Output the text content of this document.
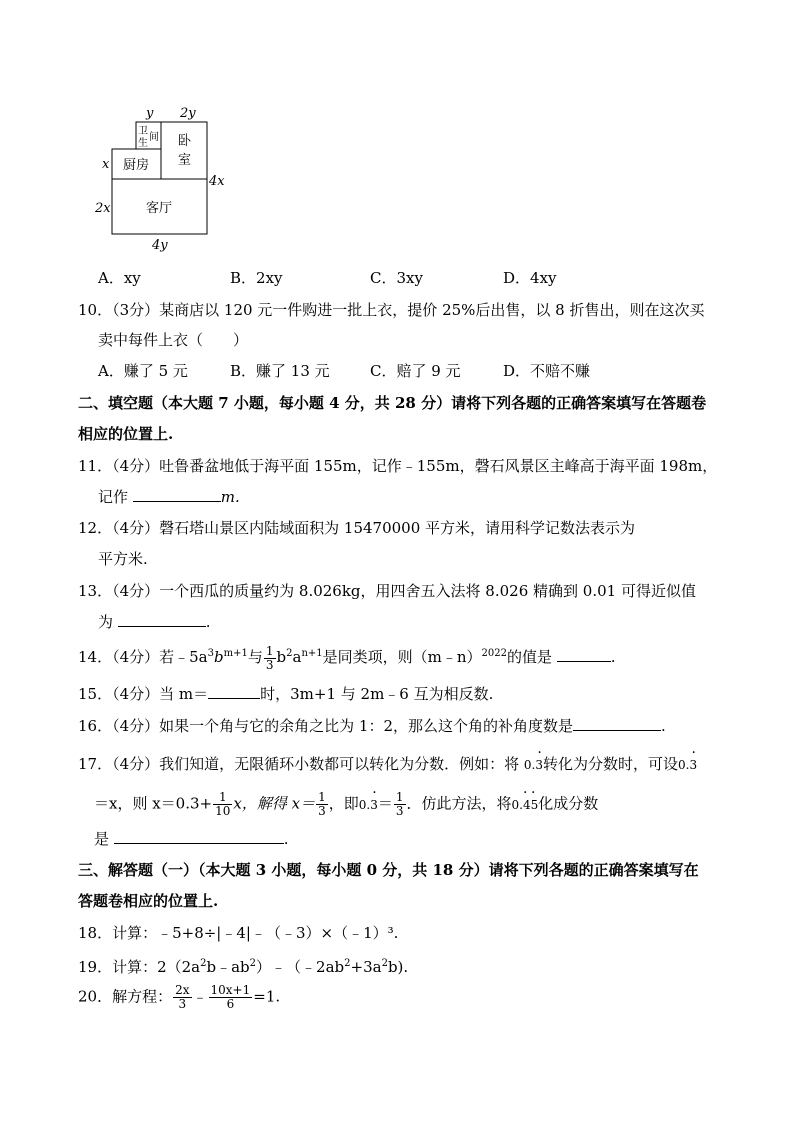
y 2y
x
2x
4x
4y
卫
生
间 卧
室
厨房
客厅
A．xy	B．2xy	C．3xy	D．4xy
10．（3分）某商店以 120 元一件购进一批上衣，提价 25%后出售，以 8 折售出，则在这次买
卖中每件上衣（　　）
A．赚了 5 元	B．赚了 13 元	C．赔了 9 元	D．不赔不赚
二、填空题（本大题 7 小题，每小题 4 分，共 28 分）请将下列各题的正确答案填写在答题卷
相应的位置上.
11．（4分）吐鲁番盆地低于海平面 155m，记作﹣155m，磬石风景区主峰高于海平面 198m，
记作	m.
12．（4分）磬石塔山景区内陆域面积为 15470000 平方米，请用科学记数法表示为
平方米.
13．（4分）一个西瓜的质量约为 8.026kg，用四舍五入法将 8.026 精确到 0.01 可得近似值
为	.
14．（4分）若$﹣5a^3b^{m+1}$与 $\frac{1}{3} b^2a^{n+1}$是同类项，则（m﹣n）$^{2022}$的值是	.
15．（4分）当 m＝	时，3m+1 与 2m﹣6 互为相反数.
16．（4分）如果一个角与它的余角之比为 1：2，那么这个角的补角度数是	.
17．（4分）我们知道，无限循环小数都可以转化为分数．例如：将 0.
·
3转化为分数时，可设0.
·
3
＝x，则 $x=0.3+ \frac{1}{10}$ x，解得 $x= \frac{1}{3}$ ，即0.
·
$3= \frac{1}{3}$ ．仿此方法，将0.
· ·
45化成分数
是	.
三、解答题（一）（本大题 3 小题，每小题 0 分，共 18 分）请将下列各题的正确答案填写在
答题卷相应的位置上.
18．计算：﹣5+8÷|﹣4|﹣（﹣3）×（﹣1）³.
19．计算：$2(2a^2b﹣ab^2)﹣(﹣2ab^2+3a^2b)$.
20．解方程： $\frac{2x}{3}$ ﹣ $\frac{10x+1}{6} =1$.
